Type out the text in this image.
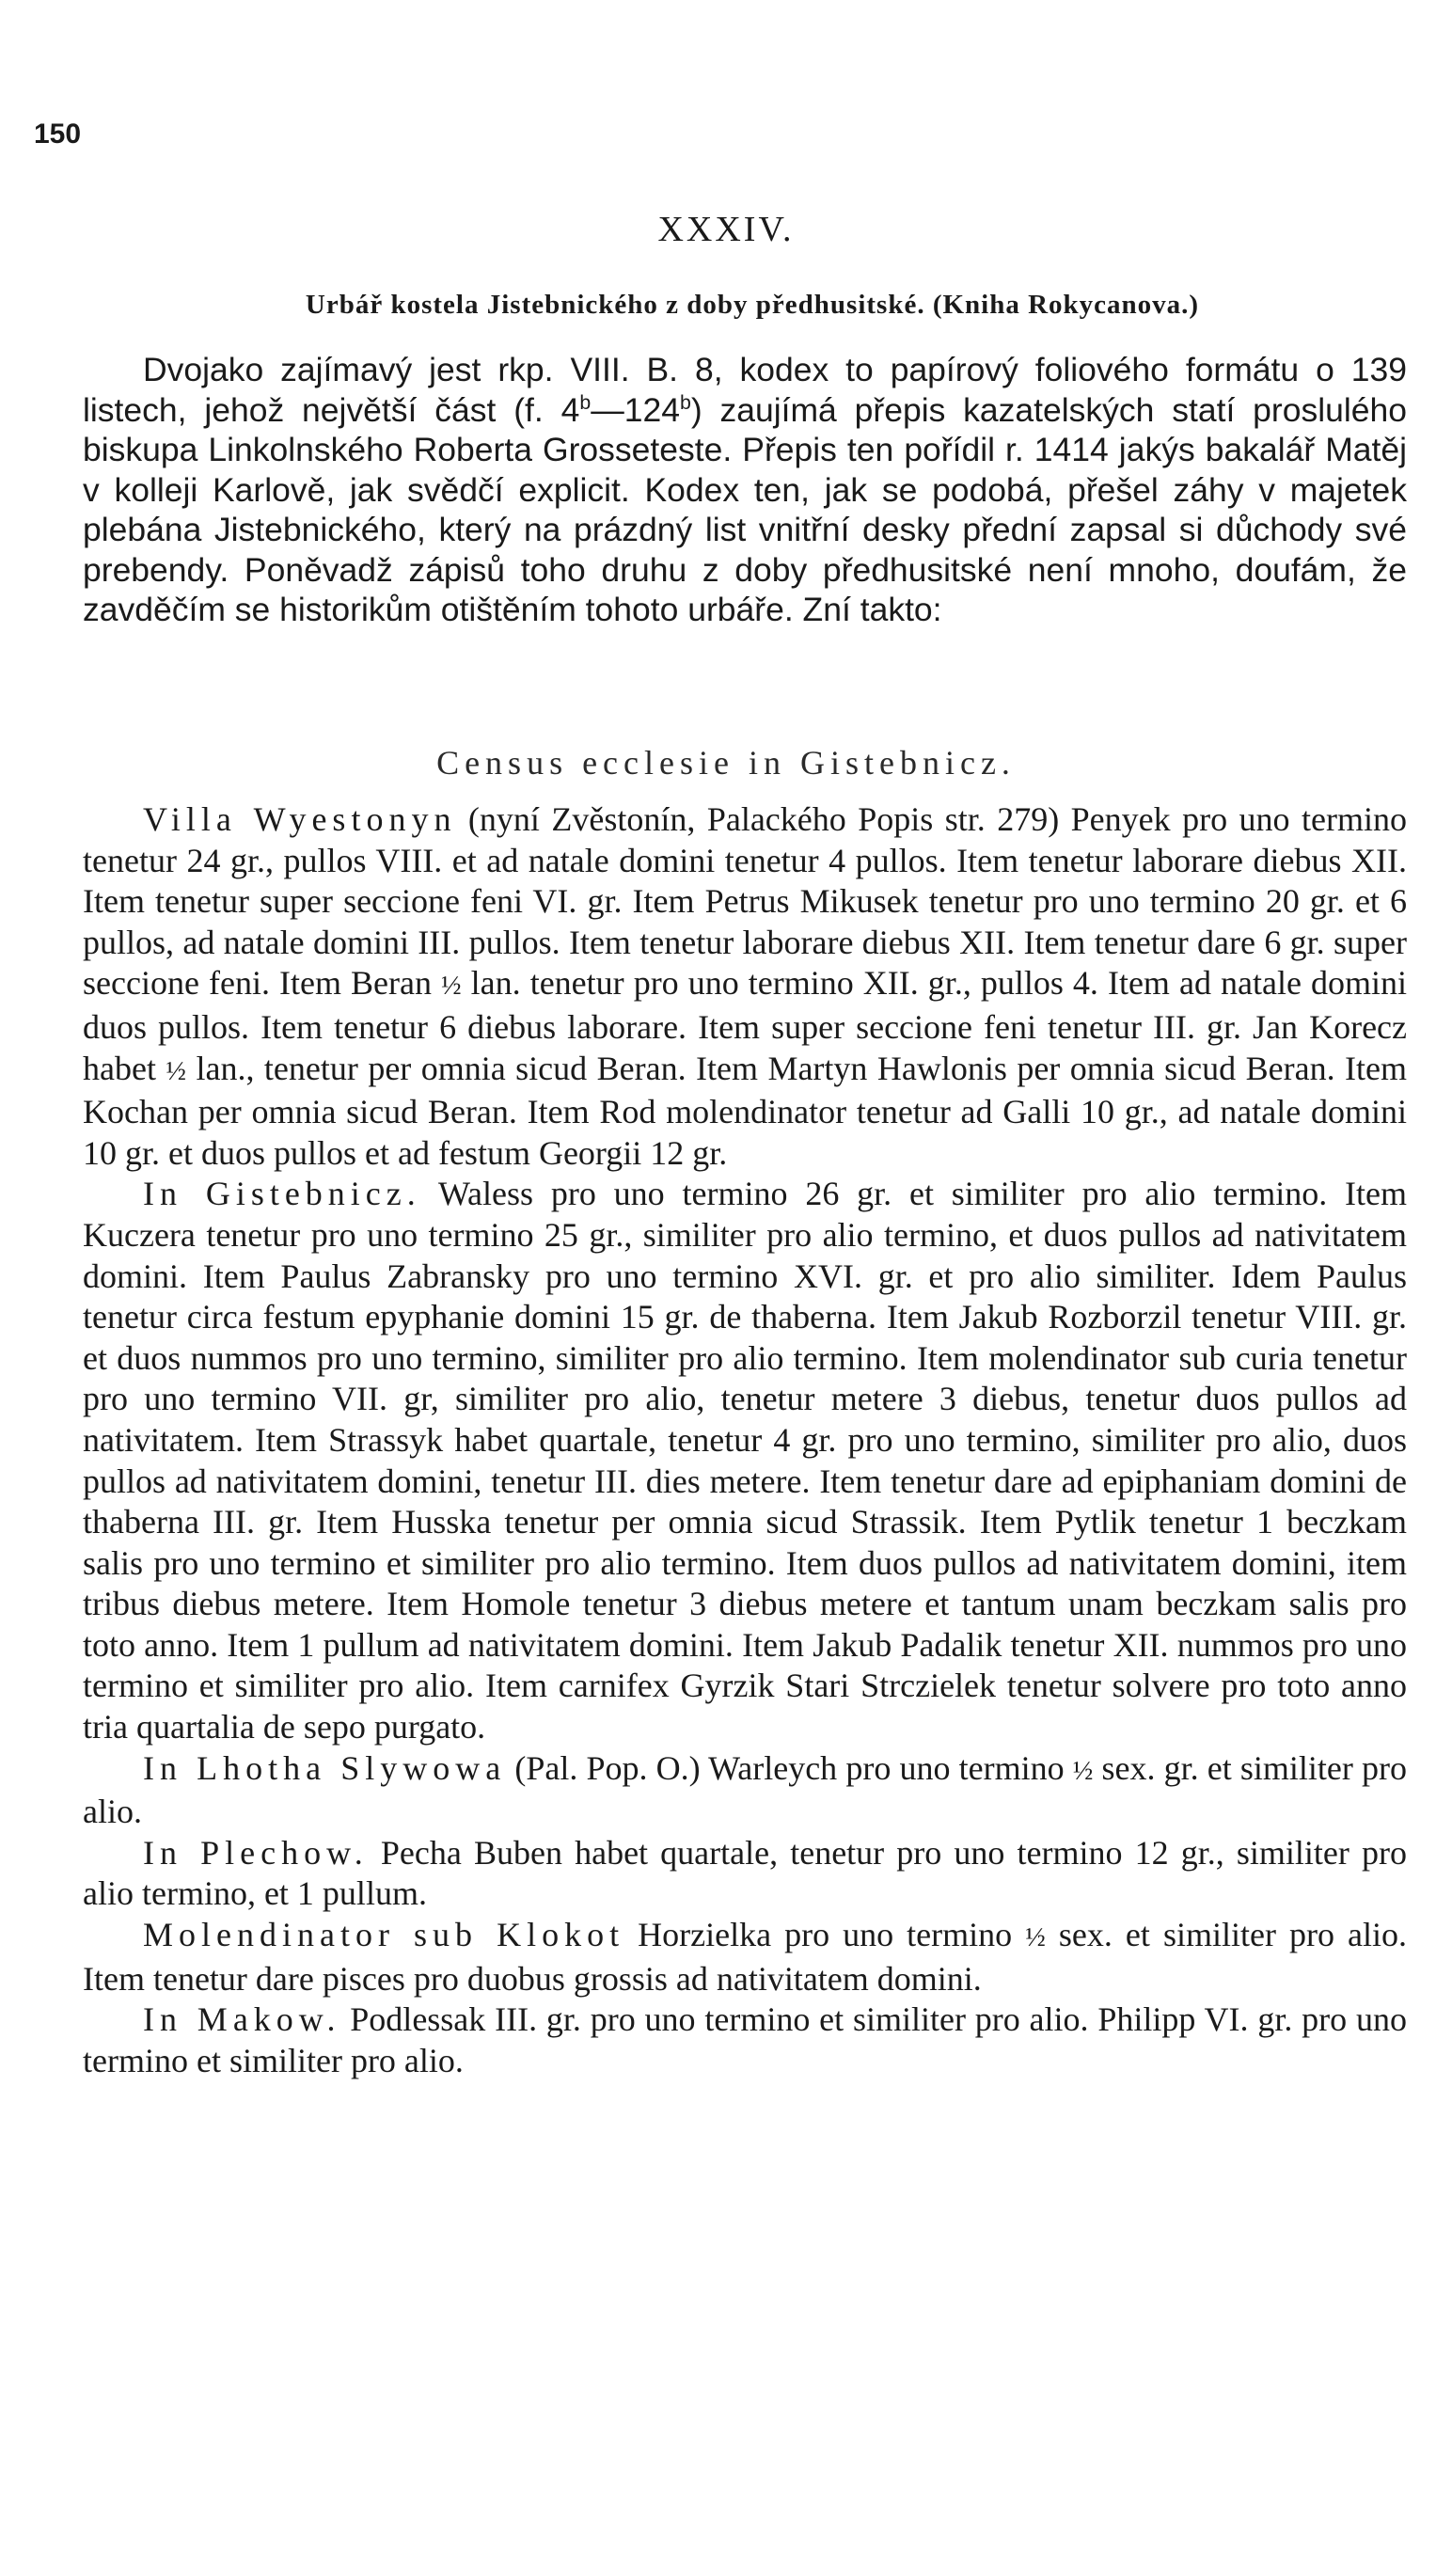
150
XXXIV.
Urbář kostela Jistebnického z doby předhusitské. (Kniha Rokycanova.)

Dvojako zajímavý jest rkp. VIII. B. 8, kodex to papírový foliového formátu o 139 listech, jehož největší část (f. 4$^b$—124$^b$) zaujímá přepis kazatelských statí proslulého biskupa Linkolnského Roberta Grosseteste. Přepis ten pořídil r. 1414 jakýs bakalář Matěj v kolleji Karlově, jak svědčí explicit. Kodex ten, jak se podobá, přešel záhy v majetek plebána Jistebnického, který na prázdný list vnitřní desky přední zapsal si důchody své prebendy. Poněvadž zápisů toho druhu z doby předhusitské není mnoho, doufám, že zavděčím se historikům otištěním tohoto urbáře. Zní takto:

Census ecclesie in Gistebnicz.

Villa Wyestonyn (nyní Zvěstonín, Palackého Popis str. 279) Penyek pro uno termino tenetur 24 gr., pullos VIII. et ad natale domini tenetur 4 pullos. Item tenetur laborare diebus XII. Item tenetur super seccione feni VI. gr. Item Petrus Mikusek tenetur pro uno termino 20 gr. et 6 pullos, ad natale domini III. pullos. Item tenetur laborare diebus XII. Item tenetur dare 6 gr. super seccione feni. Item Beran ½ lan. tenetur pro uno termino XII. gr., pullos 4. Item ad natale domini duos pullos. Item tenetur 6 diebus laborare. Item super seccione feni tenetur III. gr. Jan Korecz habet ½ lan., tenetur per omnia sicud Beran. Item Martyn Hawlonis per omnia sicud Beran. Item Kochan per omnia sicud Beran. Item Rod molendinator tenetur ad Galli 10 gr., ad natale domini 10 gr. et duos pullos et ad festum Georgii 12 gr.

In Gistebnicz. Waless pro uno termino 26 gr. et similiter pro alio termino. Item Kuczera tenetur pro uno termino 25 gr., similiter pro alio termino, et duos pullos ad nativitatem domini. Item Paulus Zabransky pro uno termino XVI. gr. et pro alio similiter. Idem Paulus tenetur circa festum epyphanie domini 15 gr. de thaberna. Item Jakub Rozborzil tenetur VIII. gr. et duos nummos pro uno termino, similiter pro alio termino. Item molendinator sub curia tenetur pro uno termino VII. gr, similiter pro alio, tenetur metere 3 diebus, tenetur duos pullos ad nativitatem. Item Strassyk habet quartale, tenetur 4 gr. pro uno termino, similiter pro alio, duos pullos ad nativitatem domini, tenetur III. dies metere. Item tenetur dare ad epiphaniam domini de thaberna III. gr. Item Husska tenetur per omnia sicud Strassik. Item Pytlik tenetur 1 beczkam salis pro uno termino et similiter pro alio termino. Item duos pullos ad nativitatem domini, item tribus diebus metere. Item Homole tenetur 3 diebus metere et tantum unam beczkam salis pro toto anno. Item 1 pullum ad nativitatem domini. Item Jakub Padalik tenetur XII. nummos pro uno termino et similiter pro alio. Item carnifex Gyrzik Stari Strczielek tenetur solvere pro toto anno tria quartalia de sepo purgato.

In Lhotha Slywowa (Pal. Pop. O.) Warleych pro uno termino ½ sex. gr. et similiter pro alio.

In Plechow. Pecha Buben habet quartale, tenetur pro uno termino 12 gr., similiter pro alio termino, et 1 pullum.

Molendinator sub Klokot Horzielka pro uno termino ½ sex. et similiter pro alio. Item tenetur dare pisces pro duobus grossis ad nativitatem domini.

In Makow. Podlessak III. gr. pro uno termino et similiter pro alio. Philipp VI. gr. pro uno termino et similiter pro alio.
